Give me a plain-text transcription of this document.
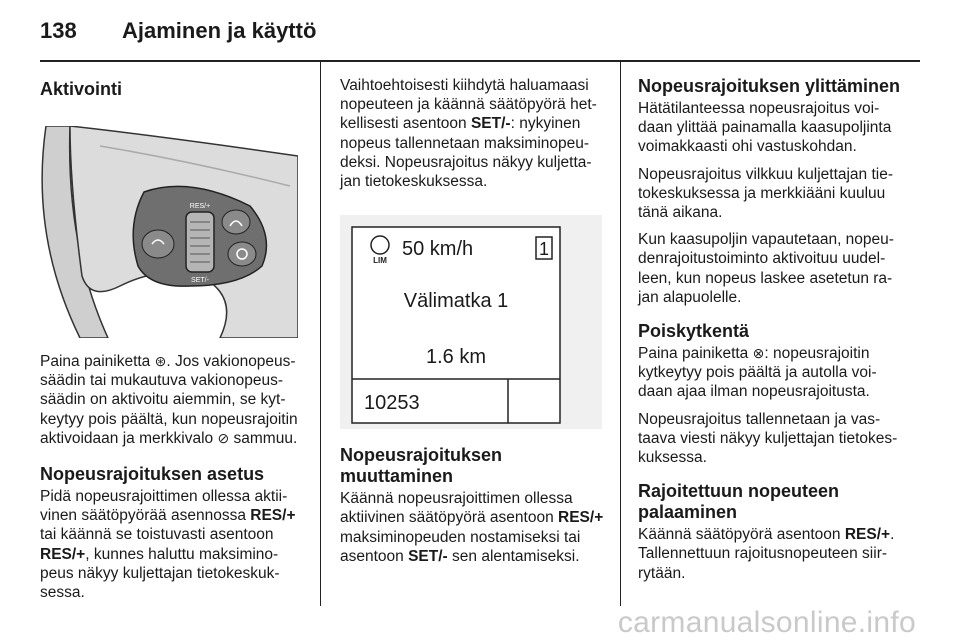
138 Ajaminen ja käyttö
Aktivointi
RES/+
SET/-

Paina painiketta ⊛. Jos vakionopeus-säädin tai mukautuva vakionopeus-säädin on aktivoitu aiemmin, se kyt-keytyy pois päältä, kun nopeusrajoitin aktivoidaan ja merkkivalo ⊘ sammuu.

Nopeusrajoituksen asetus

Pidä nopeusrajoittimen ollessa aktii-vinen säätöpyörää asennossa RES/+ tai käännä se toistuvasti asentoon RES/+, kunnes haluttu maksimino-peus näkyy kuljettajan tietokeskuk-sessa.

Vaihtoehtoisesti kiihdytä haluamaasi nopeuteen ja käännä säätöpyörä het-kellisesti asentoon SET/-: nykyinen nopeus tallennetaan maksiminopeu-deksi. Nopeusrajoitus näkyy kuljetta-jan tietokeskuksessa.

LIM
50 km/h	1
Välimatka 1
1.6 km
10253
Nopeusrajoituksen muuttaminen

Käännä nopeusrajoittimen ollessa aktiivinen säätöpyörä asentoon RES/+ maksiminopeuden nostamiseksi tai asentoon SET/- sen alentamiseksi.

Nopeusrajoituksen ylittäminen

Hätätilanteessa nopeusrajoitus voi-daan ylittää painamalla kaasupoljinta voimakkaasti ohi vastuskohdan.

Nopeusrajoitus vilkkuu kuljettajan tie-tokeskuksessa ja merkkiääni kuuluu tänä aikana.

Kun kaasupoljin vapautetaan, nopeu-denrajoitustoiminto aktivoituu uudel-leen, kun nopeus laskee asetetun ra-jan alapuolelle.

Poiskytkentä

Paina painiketta ⊗: nopeusrajoitin kytkeytyy pois päältä ja autolla voi-daan ajaa ilman nopeusrajoitusta.

Nopeusrajoitus tallennetaan ja vas-taava viesti näkyy kuljettajan tietokes-kuksessa.

Rajoitettuun nopeuteen palaaminen

Käännä säätöpyörä asentoon RES/+. Tallennettuun rajoitusnopeuteen siir-rytään.

carmanualsonline.info
